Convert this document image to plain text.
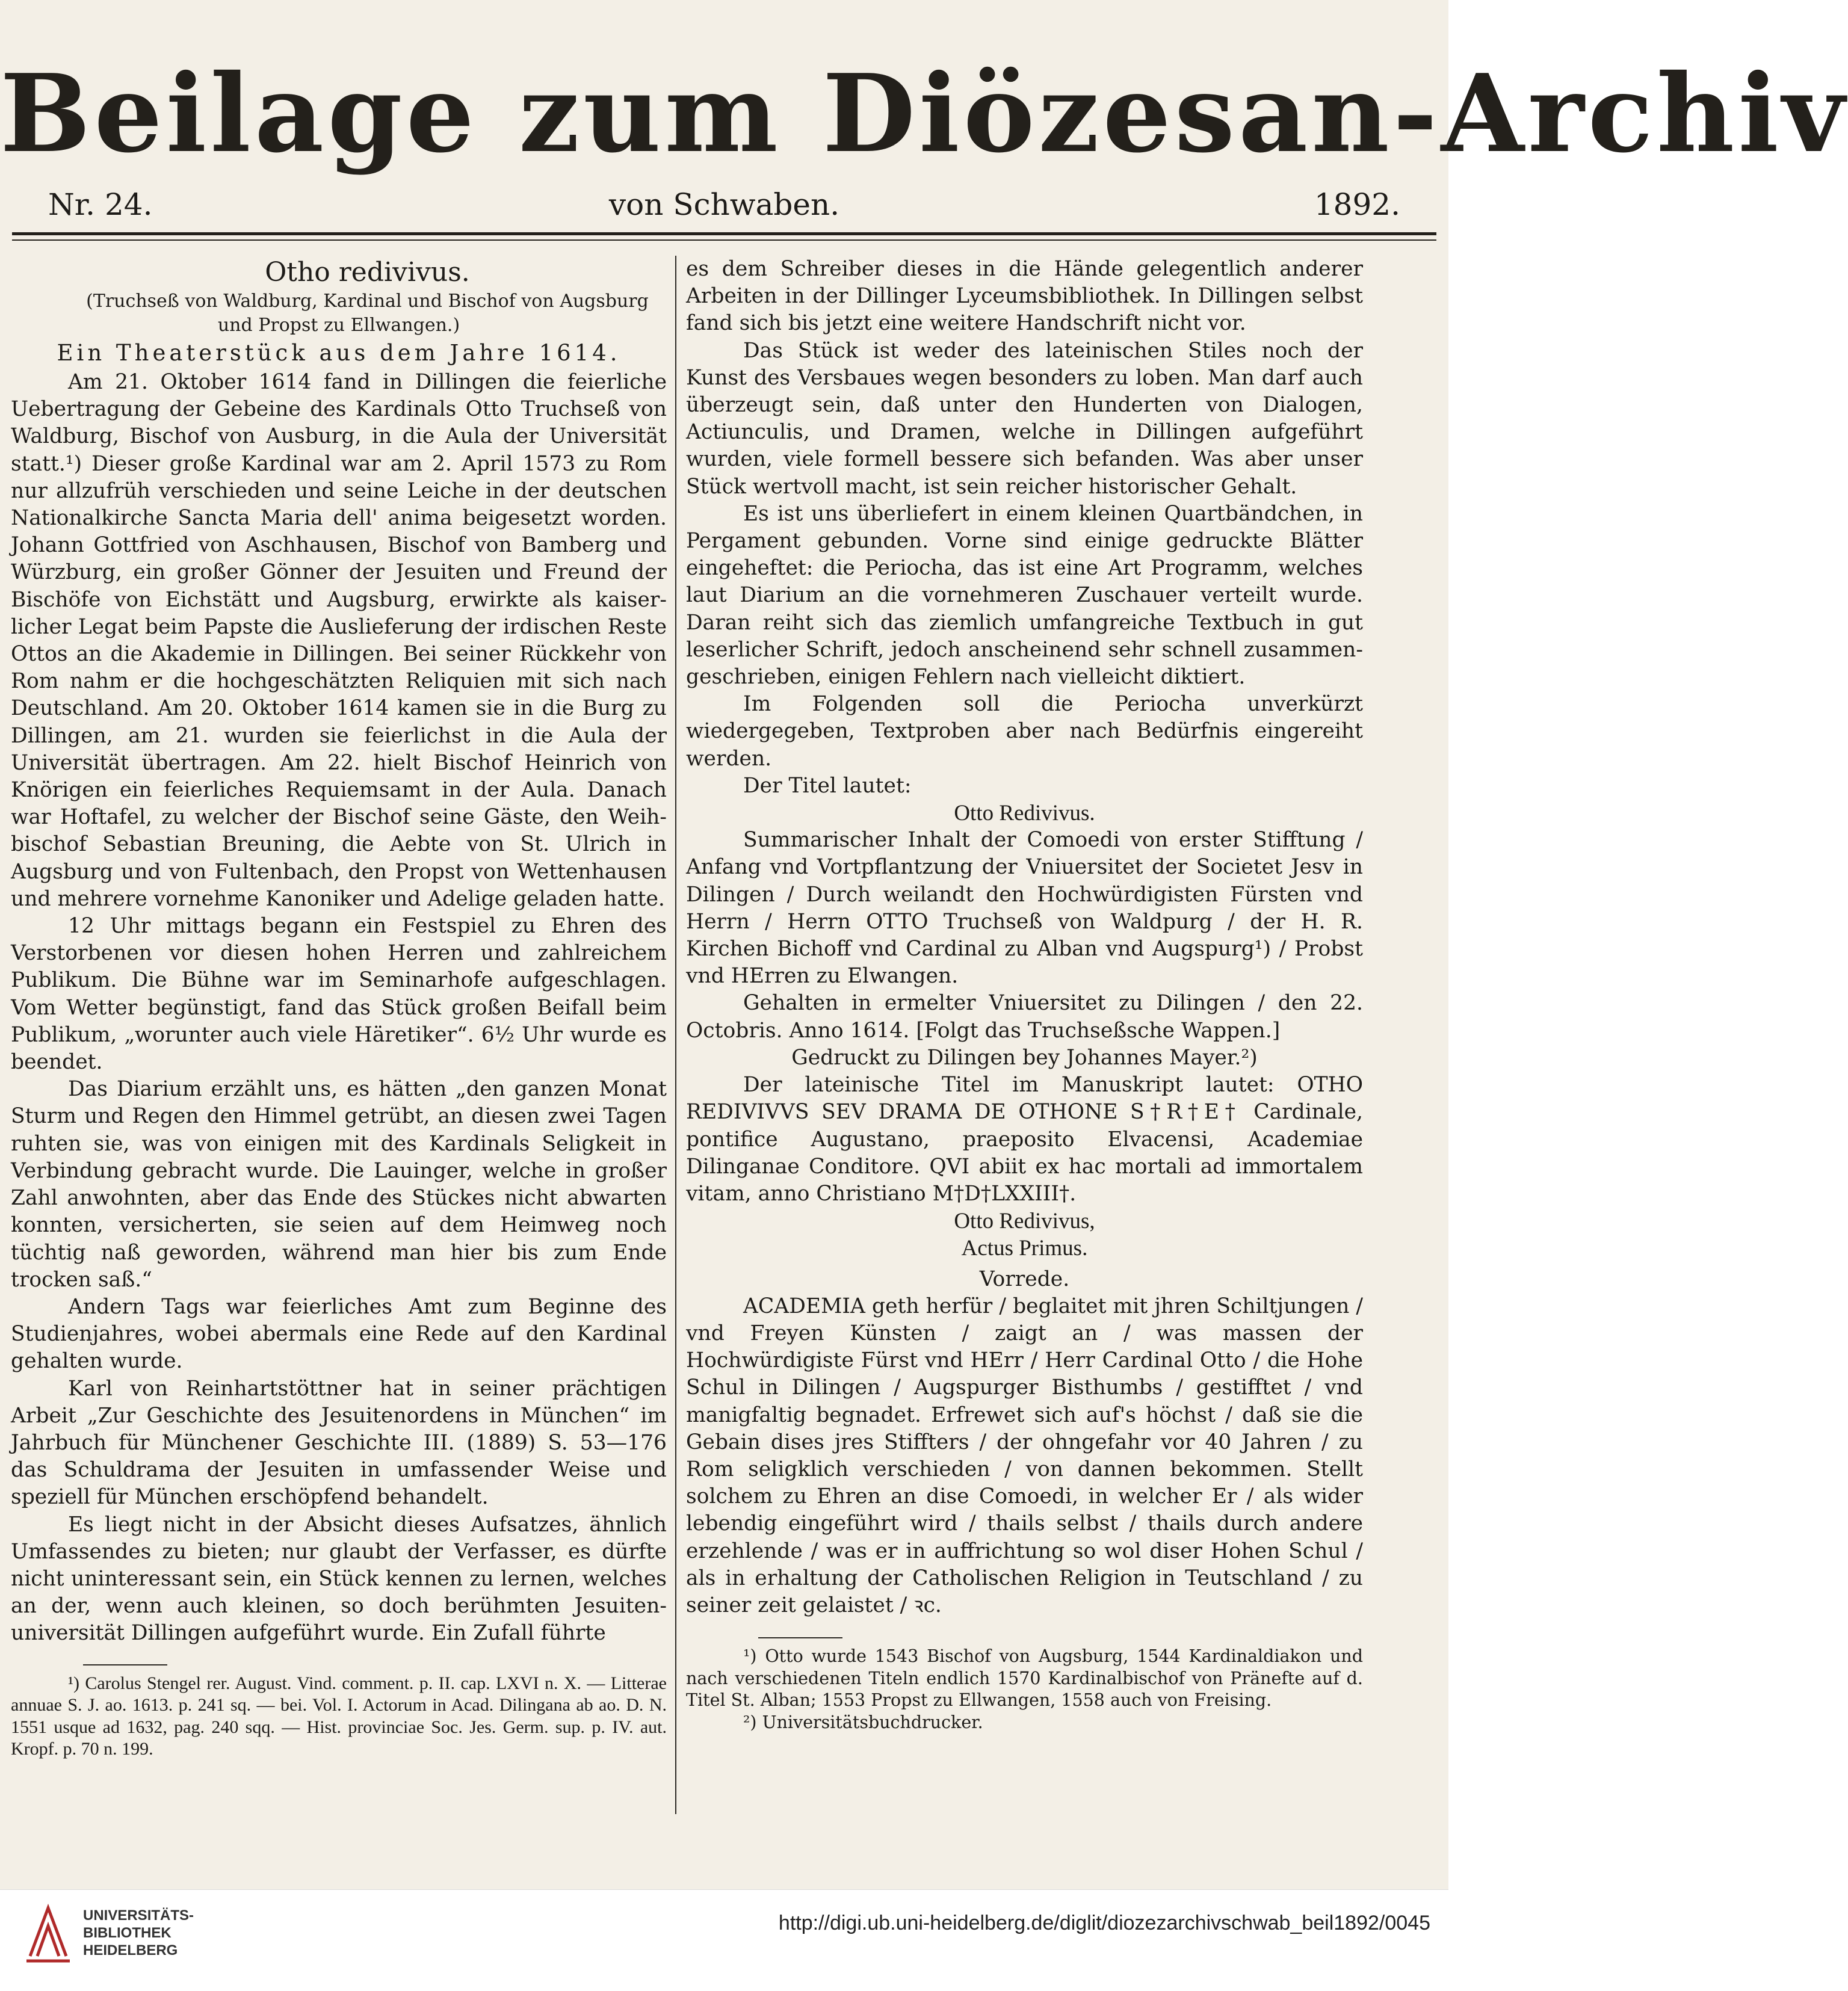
Beilage zum Diözesan-Archiv
Nr. 24.	von Schwaben.	1892.

Otho redivivus.

(Truchseß von Waldburg, Kardinal und Bischof von Augsburg und Propst zu Ellwangen.)

Ein Theaterstück aus dem Jahre 1614.

Am 21. Oktober 1614 fand in Dillingen die feierliche Uebertragung der Gebeine des Kardinals Otto Truchseß von Waldburg, Bischof von Ausburg, in die Aula der Universität statt.¹) Dieser große Kardinal war am 2. April 1573 zu Rom nur allzufrüh verschieden und seine Leiche in der deutschen Nationalkirche Sancta Maria dell' anima beigesetzt worden. Johann Gottfried von Aschhausen, Bischof von Bamberg und Würzburg, ein großer Gönner der Jesuiten und Freund der Bischöfe von Eichstätt und Augsburg, erwirkte als kaiserlicher Legat beim Papste die Auslieferung der irdischen Reste Ottos an die Akademie in Dillingen. Bei seiner Rückkehr von Rom nahm er die hochgeschätzten Reliquien mit sich nach Deutschland. Am 20. Oktober 1614 kamen sie in die Burg zu Dillingen, am 21. wurden sie feierlichst in die Aula der Universität übertragen. Am 22. hielt Bischof Heinrich von Knörigen ein feierliches Requiemsamt in der Aula. Danach war Hoftafel, zu welcher der Bischof seine Gäste, den Weihbischof Sebastian Breuning, die Aebte von St. Ulrich in Augsburg und von Fultenbach, den Propst von Wettenhausen und mehrere vornehme Kanoniker und Adelige geladen hatte.

12 Uhr mittags begann ein Festspiel zu Ehren des Verstorbenen vor diesen hohen Herren und zahlreichem Publikum. Die Bühne war im Seminarhofe aufgeschlagen. Vom Wetter begünstigt, fand das Stück großen Beifall beim Publikum, „worunter auch viele Häretiker“. 6½ Uhr wurde es beendet.

Das Diarium erzählt uns, es hätten „den ganzen Monat Sturm und Regen den Himmel getrübt, an diesen zwei Tagen ruhten sie, was von einigen mit des Kardinals Seligkeit in Verbindung gebracht wurde. Die Lauinger, welche in großer Zahl anwohnten, aber das Ende des Stückes nicht abwarten konnten, versicherten, sie seien auf dem Heimweg noch tüchtig naß geworden, während man hier bis zum Ende trocken saß.“

Andern Tags war feierliches Amt zum Beginne des Studienjahres, wobei abermals eine Rede auf den Kardinal gehalten wurde.

Karl von Reinhartstöttner hat in seiner prächtigen Arbeit „Zur Geschichte des Jesuitenordens in München“ im Jahrbuch für Münchener Geschichte III. (1889) S. 53—176 das Schuldrama der Jesuiten in umfassender Weise und speziell für München erschöpfend behandelt.

Es liegt nicht in der Absicht dieses Aufsatzes, ähnlich Umfassendes zu bieten; nur glaubt der Verfasser, es dürfte nicht uninteressant sein, ein Stück kennen zu lernen, welches an der, wenn auch kleinen, so doch berühmten Jesuitenuniversität Dillingen aufgeführt wurde. Ein Zufall führte

¹) Carolus Stengel rer. August. Vind. comment. p. II. cap. LXVI n. X. — Litterae annuae S. J. ao. 1613. p. 241 sq. — bei. Vol. I. Actorum in Acad. Dilingana ab ao. D. N. 1551 usque ad 1632, pag. 240 sqq. — Hist. provinciae Soc. Jes. Germ. sup. p. IV. aut. Kropf. p. 70 n. 199.

es dem Schreiber dieses in die Hände gelegentlich anderer Arbeiten in der Dillinger Lyceumsbibliothek. In Dillingen selbst fand sich bis jetzt eine weitere Handschrift nicht vor.

Das Stück ist weder des lateinischen Stiles noch der Kunst des Versbaues wegen besonders zu loben. Man darf auch überzeugt sein, daß unter den Hunderten von Dialogen, Actiunculis, und Dramen, welche in Dillingen aufgeführt wurden, viele formell bessere sich befanden. Was aber unser Stück wertvoll macht, ist sein reicher historischer Gehalt.

Es ist uns überliefert in einem kleinen Quartbändchen, in Pergament gebunden. Vorne sind einige gedruckte Blätter eingeheftet: die Periocha, das ist eine Art Programm, welches laut Diarium an die vornehmeren Zuschauer verteilt wurde. Daran reiht sich das ziemlich umfangreiche Textbuch in gut leserlicher Schrift, jedoch anscheinend sehr schnell zusammengeschrieben, einigen Fehlern nach vielleicht diktiert.

Im Folgenden soll die Periocha unverkürzt wiedergegeben, Textproben aber nach Bedürfnis eingereiht werden.

Der Titel lautet:

Otto Redivivus.

Summarischer Inhalt der Comoedi von erster Stifftung / Anfang vnd Vortpflantzung der Vniuersitet der Societet Jesv in Dilingen / Durch weilandt den Hochwürdigisten Fürsten vnd Herrn / Herrn OTTO Truchseß von Waldpurg / der H. R. Kirchen Bichoff vnd Cardinal zu Alban vnd Augspurg¹) / Probst vnd HErren zu Elwangen.

Gehalten in ermelter Vniuersitet zu Dilingen / den 22. Octobris. Anno 1614. [Folgt das Truchseßsche Wappen.]

Gedruckt zu Dilingen bey Johannes Mayer.²)

Der lateinische Titel im Manuskript lautet: OTHO REDIVIVVS SEV DRAMA DE OTHONE S†R†E† Cardinale, pontifice Augustano, praeposito Elvacensi, Academiae Dilinganae Conditore. QVI abiit ex hac mortali ad immortalem vitam, anno Christiano M†D†LXXIII†.

Otto Redivivus,

Actus Primus.

Vorrede.

ACADEMIA geth herfür / beglaitet mit jhren Schiltjungen / vnd Freyen Künsten / zaigt an / was massen der Hochwürdigiste Fürst vnd HErr / Herr Cardinal Otto / die Hohe Schul in Dilingen / Augspurger Bisthumbs / gestifftet / vnd manigfaltig begnadet. Erfrewet sich auf's höchst / daß sie die Gebain dises jres Stiffters / der ohngefahr vor 40 Jahren / zu Rom seligklich verschieden / von dannen bekommen. Stellt solchem zu Ehren an dise Comoedi, in welcher Er / als wider lebendig eingeführt wird / thails selbst / thails durch andere erzehlende / was er in auffrichtung so wol diser Hohen Schul / als in erhaltung der Catholischen Religion in Teutschland / zu seiner zeit gelaistet / ꝛc.

¹) Otto wurde 1543 Bischof von Augsburg, 1544 Kardinaldiakon und nach verschiedenen Titeln endlich 1570 Kardinalbischof von Pränefte auf d. Titel St. Alban; 1553 Propst zu Ellwangen, 1558 auch von Freising.

²) Universitätsbuchdrucker.

UNIVERSITÄTS-
BIBLIOTHEK
HEIDELBERG
http://digi.ub.uni-heidelberg.de/diglit/diozezarchivschwab_beil1892/0045
